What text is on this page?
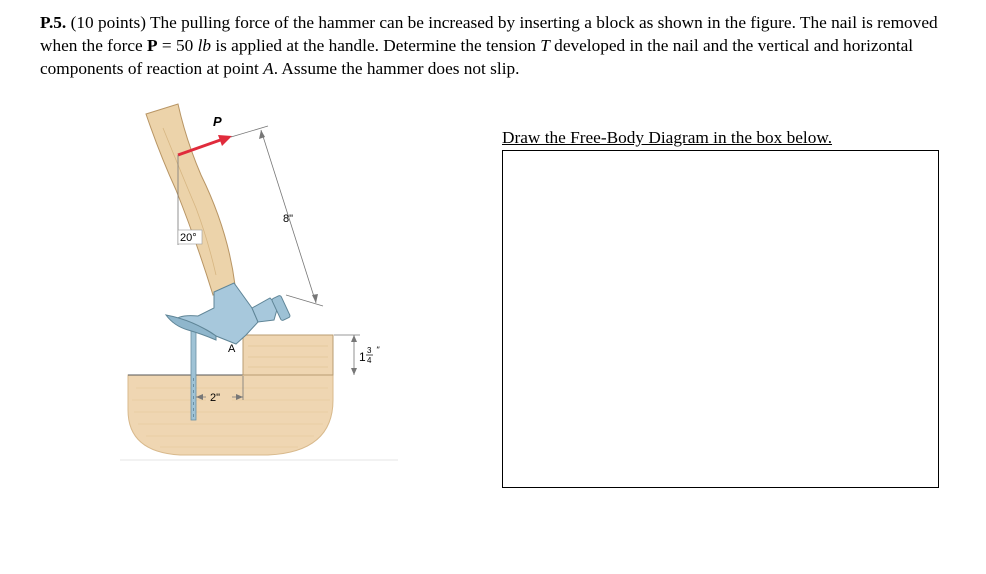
P.5. (10 points) The pulling force of the hammer can be increased by inserting a block as shown in the figure. The nail is removed when the force P = 50 lb is applied at the handle. Determine the tension T developed in the nail and the vertical and horizontal components of reaction at point A. Assume the hammer does not slip.
P
8"
20°
A
2"
1 3
4
"
Draw the Free-Body Diagram in the box below.
